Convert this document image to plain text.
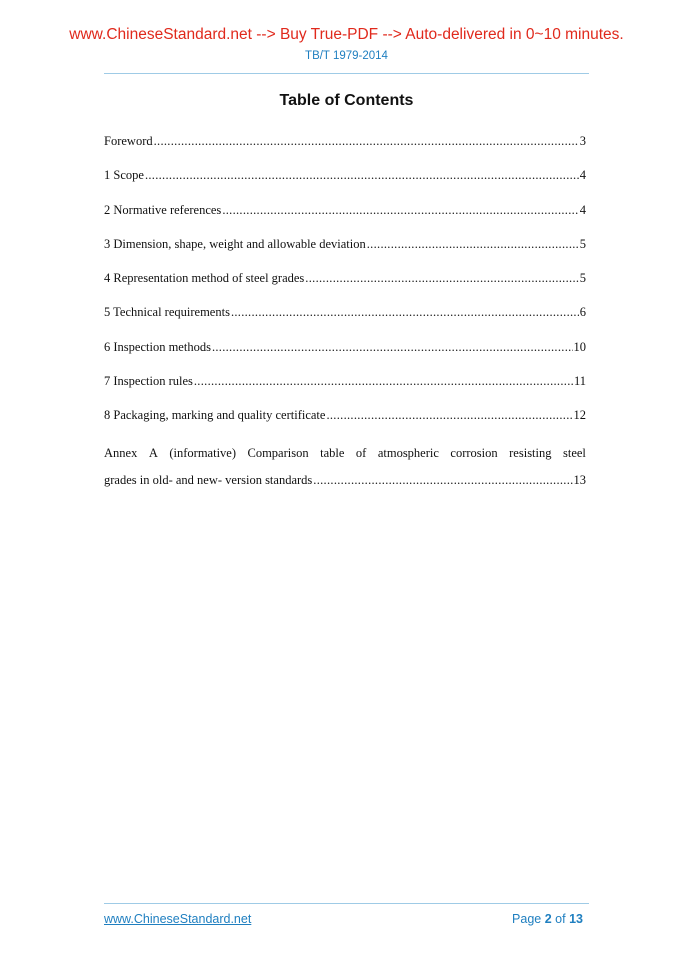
www.ChineseStandard.net --> Buy True-PDF --> Auto-delivered in 0~10 minutes.
TB/T 1979-2014
Table of Contents
Foreword .....	3
1 Scope .....	4
2 Normative references .....	4
3 Dimension, shape, weight and allowable deviation .....	5
4 Representation method of steel grades .....	5
5 Technical requirements .....	6
6 Inspection methods .....	10
7 Inspection rules .....	11
8 Packaging, marking and quality certificate .....	12
Annex A (informative) Comparison table of atmospheric corrosion resisting steel
grades in old- and new- version standards .....	13
www.ChineseStandard.net	Page 2 of 13
